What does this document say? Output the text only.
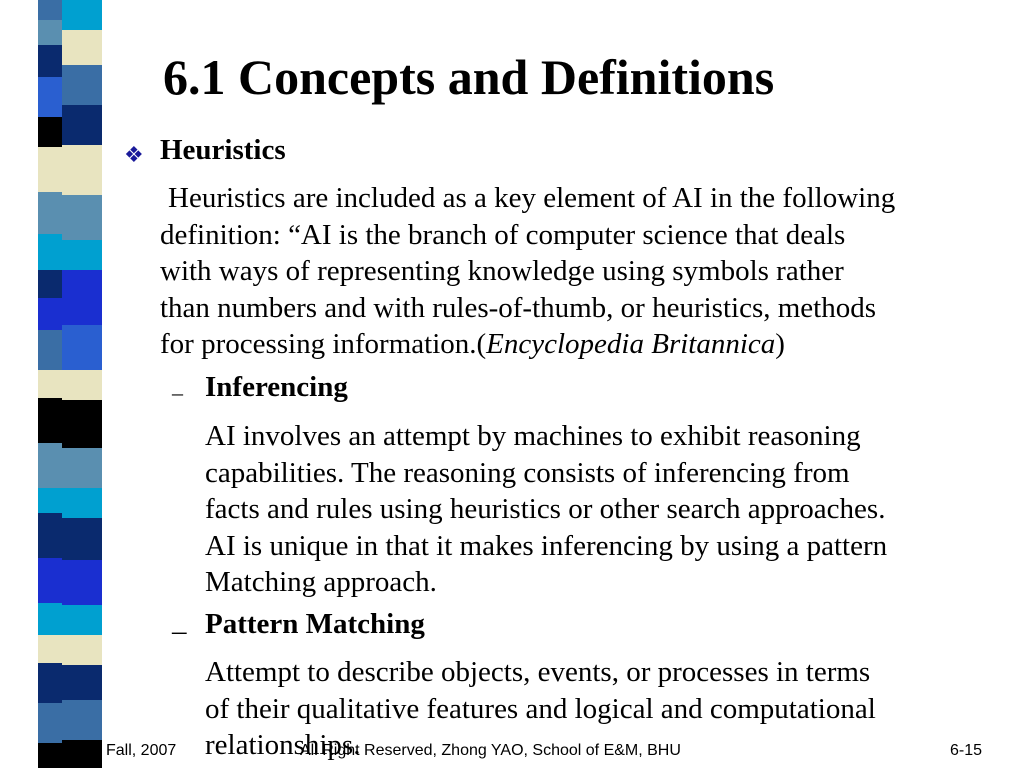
6.1 Concepts and Definitions
❖ Heuristics
Heuristics are included as a key element of AI in the following
definition: “AI is the branch of computer science that deals
with ways of representing knowledge using symbols rather
than numbers and with rules-of-thumb, or heuristics, methods
for processing information.(Encyclopedia Britannica)
– Inferencing
AI involves an attempt by machines to exhibit reasoning
capabilities. The reasoning consists of inferencing from
facts and rules using heuristics or other search approaches.
AI is unique in that it makes inferencing by using a pattern
Matching approach.
– Pattern Matching
Attempt to describe objects, events, or processes in terms
of their qualitative features and logical and computational
relationships.
Fall, 2007	All Right Reserved, Zhong YAO, School of E&M, BHU	6-15
